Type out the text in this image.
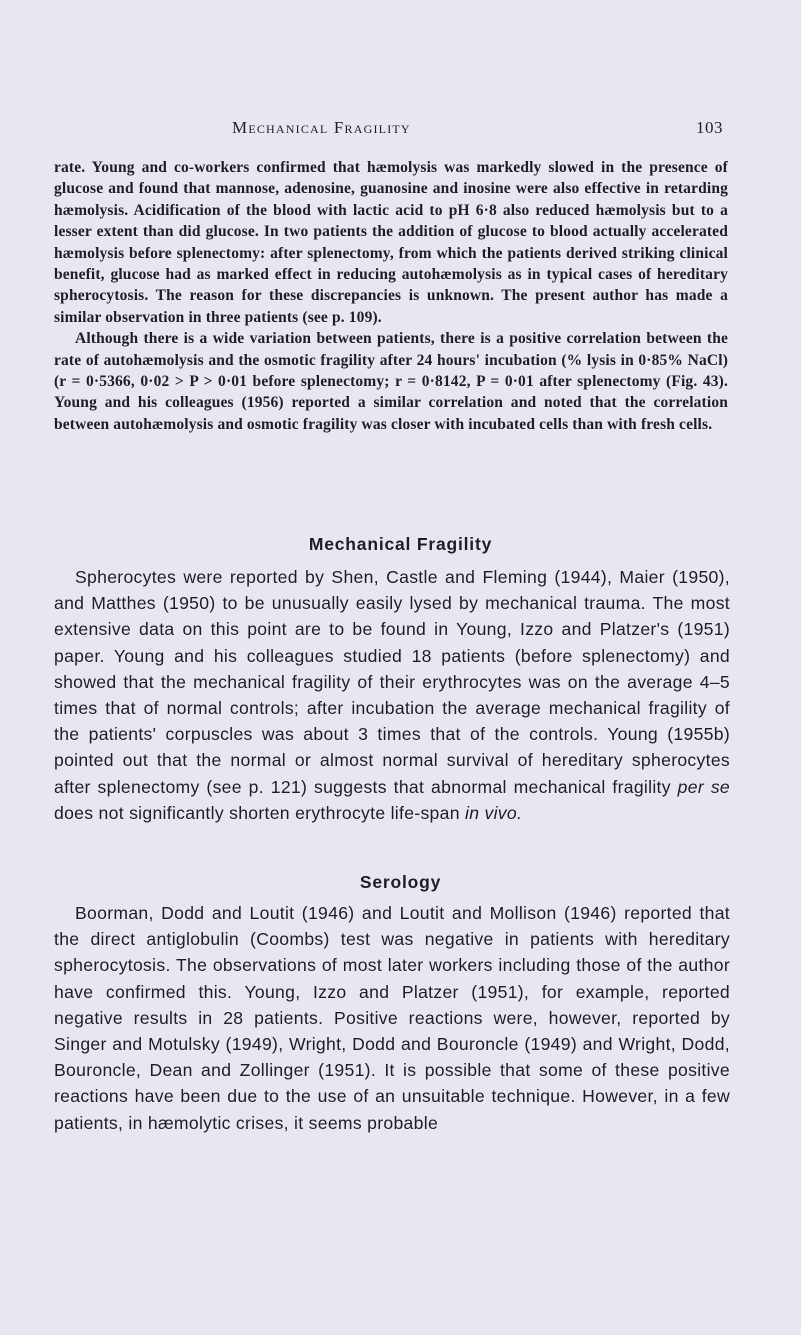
Mechanical Fragility	103

rate. Young and co-workers confirmed that hæmolysis was markedly slowed in the presence of glucose and found that mannose, adenosine, guanosine and inosine were also effective in retarding hæmolysis. Acidification of the blood with lactic acid to pH 6·8 also reduced hæmolysis but to a lesser extent than did glucose. In two patients the addition of glucose to blood actually accelerated hæmolysis before splenectomy: after splenectomy, from which the patients derived striking clinical benefit, glucose had as marked effect in reducing autohæmolysis as in typical cases of hereditary spherocytosis. The reason for these discrepancies is unknown. The present author has made a similar observation in three patients (see p. 109).

Although there is a wide variation between patients, there is a positive correlation between the rate of autohæmolysis and the osmotic fragility after 24 hours' incubation (% lysis in 0·85% NaCl) (r = 0·5366, 0·02 > P > 0·01 before splenectomy; r = 0·8142, P = 0·01 after splenectomy (Fig. 43). Young and his colleagues (1956) reported a similar correlation and noted that the correlation between autohæmolysis and osmotic fragility was closer with incubated cells than with fresh cells.

Mechanical Fragility

Spherocytes were reported by Shen, Castle and Fleming (1944), Maier (1950), and Matthes (1950) to be unusually easily lysed by mechanical trauma. The most extensive data on this point are to be found in Young, Izzo and Platzer's (1951) paper. Young and his colleagues studied 18 patients (before splenectomy) and showed that the mechanical fragility of their erythrocytes was on the average 4–5 times that of normal controls; after incubation the average mechanical fragility of the patients' corpuscles was about 3 times that of the controls. Young (1955b) pointed out that the normal or almost normal survival of hereditary spherocytes after splenectomy (see p. 121) suggests that abnormal mechanical fragility per se does not significantly shorten erythrocyte life-span in vivo.

Serology

Boorman, Dodd and Loutit (1946) and Loutit and Mollison (1946) reported that the direct antiglobulin (Coombs) test was negative in patients with hereditary spherocytosis. The observations of most later workers including those of the author have confirmed this. Young, Izzo and Platzer (1951), for example, reported negative results in 28 patients. Positive reactions were, however, reported by Singer and Motulsky (1949), Wright, Dodd and Bouroncle (1949) and Wright, Dodd, Bouroncle, Dean and Zollinger (1951). It is possible that some of these positive reactions have been due to the use of an unsuitable technique. However, in a few patients, in hæmolytic crises, it seems probable
